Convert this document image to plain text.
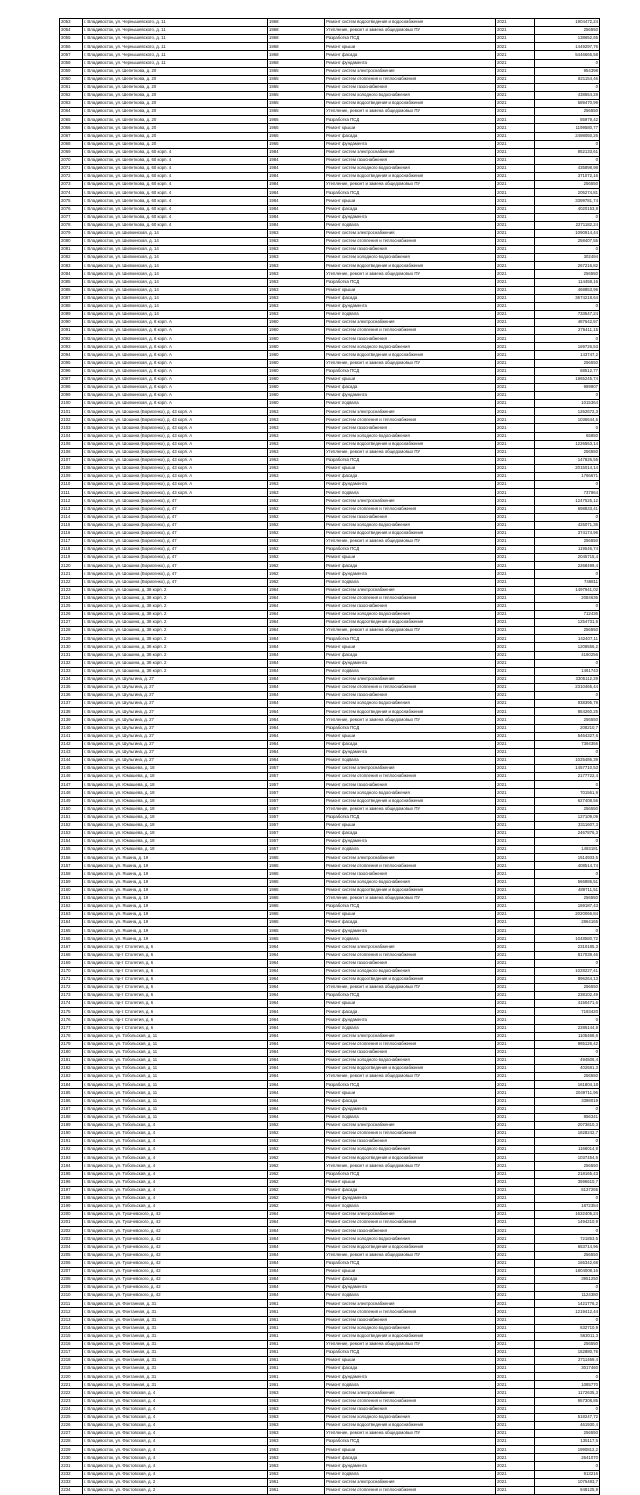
2053	г. Владивосток, ул. Чернышевского, д. 11	1968	Ремонт систем водоотведения и водоснабжения	2021	1904472,24
2054	г. Владивосток, ул. Чернышевского, д. 11	1968	Утепление, ремонт и замена общедомовых ПУ	2021	256550
2055	г. Владивосток, ул. Чернышевского, д. 11	1968	Разработка ПСД	2021	138652,65
2056	г. Владивосток, ул. Чернышевского, д. 11	1968	Ремонт крыши	2021	1449297,76
2057	г. Владивосток, ул. Чернышевского, д. 11	1968	Ремонт фасада	2021	5446665,58
2058	г. Владивосток, ул. Чернышевского, д. 11	1968	Ремонт фундамента	2021	0
2059	г. Владивосток, ул. Шепеткова, д. 20	1965	Ремонт систем электроснабжения	2021	954398
2060	г. Владивосток, ул. Шепеткова, д. 20	1965	Ремонт систем отопления и теплоснабжения	2021	821154,46
2061	г. Владивосток, ул. Шепеткова, д. 20	1965	Ремонт систем газоснабжения	2021	0
2062	г. Владивосток, ул. Шепеткова, д. 20	1965	Ремонт систем холодного водоснабжения	2021	438554,28
2063	г. Владивосток, ул. Шепеткова, д. 20	1965	Ремонт систем водоотведения и водоснабжения	2021	589470,99
2064	г. Владивосток, ул. Шепеткова, д. 20	1965	Утепление, ремонт и замена общедомовых ПУ	2021	256550
2065	г. Владивосток, ул. Шепеткова, д. 20	1965	Разработка ПСД	2021	85979,42
2066	г. Владивосток, ул. Шепеткова, д. 20	1965	Ремонт крыши	2021	1199580,77
2067	г. Владивосток, ул. Шепеткова, д. 20	1965	Ремонт фасада	2021	2498050,26
2068	г. Владивосток, ул. Шепеткова, д. 20	1965	Ремонт фундамента	2021	0
2069	г. Владивосток, ул. Шепеткова, д. 60 корп. 4	1984	Ремонт систем электроснабжения	2021	852133,61
2070	г. Владивосток, ул. Шепеткова, д. 60 корп. 4	1984	Ремонт систем газоснабжения	2021	0
2071	г. Владивосток, ул. Шепеткова, д. 60 корп. 4	1984	Ремонт систем холодного водоснабжения	2021	435898,98
2072	г. Владивосток, ул. Шепеткова, д. 60 корп. 4	1984	Ремонт систем водоотведения и водоснабжения	2021	371072,16
2073	г. Владивосток, ул. Шепеткова, д. 60 корп. 4	1984	Утепление, ремонт и замена общедомовых ПУ	2021	256550
2074	г. Владивосток, ул. Шепеткова, д. 60 корп. 4	1984	Разработка ПСД	2021	205274,81
2075	г. Владивосток, ул. Шепеткова, д. 60 корп. 4	1984	Ремонт крыши	2021	3399781,74
2076	г. Владивосток, ул. Шепеткова, д. 60 корп. 4	1984	Ремонт фасада	2021	4020153,8
2077	г. Владивосток, ул. Шепеткова, д. 60 корп. 4	1984	Ремонт фундамента	2021	0
2078	г. Владивосток, ул. Шепеткова, д. 60 корп. 4	1984	Ремонт подвала	2021	2271182,24
2079	г. Владивосток, ул. Шилкинская, д. 14	1963	Ремонт систем электроснабжения	2021	1090914,44
2080	г. Владивосток, ул. Шилкинская, д. 14	1963	Ремонт систем отопления и теплоснабжения	2021	258407,55
2081	г. Владивосток, ул. Шилкинская, д. 14	1963	Ремонт систем газоснабжения	2021	0
2082	г. Владивосток, ул. Шилкинская, д. 14	1963	Ремонт систем холодного водоснабжения	2021	302494
2083	г. Владивосток, ул. Шилкинская, д. 14	1963	Ремонт систем водоотведения и водоснабжения	2021	267216,82
2084	г. Владивосток, ул. Шилкинская, д. 14	1963	Утепление, ремонт и замена общедомовых ПУ	2021	256550
2085	г. Владивосток, ул. Шилкинская, д. 14	1963	Разработка ПСД	2021	114458,16
2086	г. Владивосток, ул. Шилкинская, д. 14	1963	Ремонт крыши	2021	468853,96
2087	г. Владивосток, ул. Шилкинская, д. 14	1963	Ремонт фасада	2021	3674218,64
2088	г. Владивосток, ул. Шилкинская, д. 14	1963	Ремонт фундамента	2021	0
2089	г. Владивосток, ул. Шилкинская, д. 14	1963	Ремонт подвала	2021	733547,24
2090	г. Владивосток, ул. Шилкинская, д. 8 корп. А	1960	Ремонт систем электроснабжения	2021	487642,57
2091	г. Владивосток, ул. Шилкинская, д. 8 корп. А	1960	Ремонт систем отопления и теплоснабжения	2021	276411,15
2092	г. Владивосток, ул. Шилкинская, д. 8 корп. А	1960	Ремонт систем газоснабжения	2021	0
2093	г. Владивосток, ул. Шилкинская, д. 8 корп. А	1960	Ремонт систем холодного водоснабжения	2021	169726,53
2094	г. Владивосток, ул. Шилкинская, д. 8 корп. А	1960	Ремонт систем водоотведения и водоснабжения	2021	143747,2
2095	г. Владивосток, ул. Шилкинская, д. 8 корп. А	1960	Утепление, ремонт и замена общедомовых ПУ	2021	256550
2096	г. Владивосток, ул. Шилкинская, д. 8 корп. А	1960	Разработка ПСД	2021	68512,77
2097	г. Владивосток, ул. Шилкинская, д. 8 корп. А	1960	Ремонт крыши	2021	1865245,74
2098	г. Владивосток, ул. Шилкинская, д. 8 корп. А	1960	Ремонт фасада	2021	989907
2099	г. Владивосток, ул. Шилкинская, д. 8 корп. А	1960	Ремонт фундамента	2021	0
2100	г. Владивосток, ул. Шилкинская, д. 8 корп. А	1960	Ремонт подвала	2021	1015364
2101	г. Владивосток, ул. Шошина (Борисенко), д. 43 корп. А	1963	Ремонт систем электроснабжения	2021	1262672,3
2102	г. Владивосток, ул. Шошина (Борисенко), д. 43 корп. А	1963	Ремонт систем отопления и теплоснабжения	2021	1036644,6
2103	г. Владивосток, ул. Шошина (Борисенко), д. 43 корп. А	1963	Ремонт систем газоснабжения	2021	0
2104	г. Владивосток, ул. Шошина (Борисенко), д. 43 корп. А	1963	Ремонт систем холодного водоснабжения	2021	65850
2105	г. Владивосток, ул. Шошина (Борисенко), д. 43 корп. А	1963	Ремонт систем водоотведения и водоснабжения	2021	1226563,14
2106	г. Владивосток, ул. Шошина (Борисенко), д. 43 корп. А	1963	Утепление, ремонт и замена общедомовых ПУ	2021	256550
2107	г. Владивосток, ул. Шошина (Борисенко), д. 43 корп. А	1963	Разработка ПСД	2021	147826,55
2108	г. Владивосток, ул. Шошина (Борисенко), д. 43 корп. А	1963	Ремонт крыши	2021	2015014,14
2109	г. Владивосток, ул. Шошина (Борисенко), д. 43 корп. А	1963	Ремонт фасада	2021	1766671
2110	г. Владивосток, ул. Шошина (Борисенко), д. 43 корп. А	1963	Ремонт фундамента	2021	0
2111	г. Владивосток, ул. Шошина (Борисенко), д. 43 корп. А	1963	Ремонт подвала	2021	737964
2112	г. Владивосток, ул. Шошина (Борисенко), д. 47	1962	Ремонт систем электроснабжения	2021	1247525,12
2113	г. Владивосток, ул. Шошина (Борисенко), д. 47	1962	Ремонт систем отопления и теплоснабжения	2021	698833,41
2114	г. Владивосток, ул. Шошина (Борисенко), д. 47	1962	Ремонт систем газоснабжения	2021	0
2115	г. Владивосток, ул. Шошина (Борисенко), д. 47	1962	Ремонт систем холодного водоснабжения	2021	425071,36
2116	г. Владивосток, ул. Шошина (Борисенко), д. 47	1962	Ремонт систем водоотведения и водоснабжения	2021	374174,96
2117	г. Владивосток, ул. Шошина (Борисенко), д. 47	1962	Утепление, ремонт и замена общедомовых ПУ	2021	256550
2118	г. Владивосток, ул. Шошина (Борисенко), д. 47	1962	Разработка ПСД	2021	119546,74
2119	г. Владивосток, ул. Шошина (Борисенко), д. 47	1962	Ремонт крыши	2021	2045715,4
2120	г. Владивосток, ул. Шошина (Борисенко), д. 47	1962	Ремонт фасада	2021	2268499,4
2121	г. Владивосток, ул. Шошина (Борисенко), д. 47	1962	Ремонт фундамента	2021	0
2122	г. Владивосток, ул. Шошина (Борисенко), д. 47	1962	Ремонт подвала	2021	746811
2123	г. Владивосток, ул. Шошина, д. 38 корп. 2	1964	Ремонт систем электроснабжения	2021	1497941,02
2124	г. Владивосток, ул. Шошина, д. 38 корп. 2	1964	Ремонт систем отопления и теплоснабжения	2021	2084636
2125	г. Владивосток, ул. Шошина, д. 38 корп. 2	1964	Ремонт систем газоснабжения	2021	0
2126	г. Владивосток, ул. Шошина, д. 38 корп. 2	1964	Ремонт систем холодного водоснабжения	2021	712436
2127	г. Владивосток, ул. Шошина, д. 38 корп. 2	1964	Ремонт систем водоотведения и водоснабжения	2021	1254731,5
2128	г. Владивосток, ул. Шошина, д. 38 корп. 2	1964	Утепление, ремонт и замена общедомовых ПУ	2021	256550
2129	г. Владивосток, ул. Шошина, д. 38 корп. 2	1964	Разработка ПСД	2021	142407,11
2130	г. Владивосток, ул. Шошина, д. 38 корп. 2	1964	Ремонт крыши	2021	1208556,2
2131	г. Владивосток, ул. Шошина, д. 38 корп. 2	1964	Ремонт фасада	2021	4160256
2132	г. Владивосток, ул. Шошина, д. 38 корп. 2	1964	Ремонт фундамента	2021	0
2133	г. Владивосток, ул. Шошина, д. 38 корп. 2	1964	Ремонт подвала	2021	1461743
2134	г. Владивосток, ул. Шульгина, д. 27	1964	Ремонт систем электроснабжения	2021	3305112,29
2135	г. Владивосток, ул. Шульгина, д. 27	1964	Ремонт систем отопления и теплоснабжения	2021	2310465,44
2136	г. Владивосток, ул. Шульгина, д. 27	1964	Ремонт систем газоснабжения	2021	0
2137	г. Владивосток, ул. Шульгина, д. 27	1964	Ремонт систем холодного водоснабжения	2021	938395,78
2138	г. Владивосток, ул. Шульгина, д. 27	1964	Ремонт систем водоотведения и водоснабжения	2021	854260,25
2139	г. Владивосток, ул. Шульгина, д. 27	1964	Утепление, ремонт и замена общедомовых ПУ	2021	256550
2140	г. Владивосток, ул. Шульгина, д. 27	1964	Разработка ПСД	2021	208210,7
2141	г. Владивосток, ул. Шульгина, д. 27	1964	Ремонт крыши	2021	5464327,6
2142	г. Владивосток, ул. Шульгина, д. 27	1964	Ремонт фасада	2021	7394356
2143	г. Владивосток, ул. Шульгина, д. 27	1964	Ремонт фундамента	2021	0
2144	г. Владивосток, ул. Шульгина, д. 27	1964	Ремонт подвала	2021	1025486,39
2145	г. Владивосток, ул. Юмашева, д. 18	1957	Ремонт систем электроснабжения	2021	1457710,53
2146	г. Владивосток, ул. Юмашева, д. 18	1957	Ремонт систем отопления и теплоснабжения	2021	2177722,4
2147	г. Владивосток, ул. Юмашева, д. 18	1957	Ремонт систем газоснабжения	2021	0
2148	г. Владивосток, ул. Юмашева, д. 18	1957	Ремонт систем холодного водоснабжения	2021	701561,9
2149	г. Владивосток, ул. Юмашева, д. 18	1957	Ремонт систем водоотведения и водоснабжения	2021	627408,56
2150	г. Владивосток, ул. Юмашева, д. 18	1957	Утепление, ремонт и замена общедомовых ПУ	2021	256550
2151	г. Владивосток, ул. Юмашева, д. 18	1957	Разработка ПСД	2021	127109,09
2152	г. Владивосток, ул. Юмашева, д. 18	1957	Ремонт крыши	2021	3311607,3
2153	г. Владивосток, ул. Юмашева, д. 18	1957	Ремонт фасада	2021	2467876,3
2154	г. Владивосток, ул. Юмашева, д. 18	1957	Ремонт фундамента	2021	0
2155	г. Владивосток, ул. Юмашева, д. 18	1957	Ремонт подвала	2021	1493181
2156	г. Владивосток, ул. Яшина, д. 19	1965	Ремонт систем электроснабжения	2021	1514933,5
2157	г. Владивосток, ул. Яшина, д. 19	1965	Ремонт систем отопления и теплоснабжения	2021	408514,74
2158	г. Владивосток, ул. Яшина, д. 19	1965	Ремонт систем газоснабжения	2021	0
2159	г. Владивосток, ул. Яшина, д. 19	1965	Ремонт систем холодного водоснабжения	2021	566886,51
2160	г. Владивосток, ул. Яшина, д. 19	1965	Ремонт систем водоотведения и водоснабжения	2021	489711,51
2161	г. Владивосток, ул. Яшина, д. 19	1965	Утепление, ремонт и замена общедомовых ПУ	2021	256550
2162	г. Владивосток, ул. Яшина, д. 19	1965	Разработка ПСД	2021	169187,43
2163	г. Владивосток, ул. Яшина, д. 19	1965	Ремонт крыши	2021	2020066,84
2164	г. Владивосток, ул. Яшина, д. 19	1965	Ремонт фасада	2021	2864165
2165	г. Владивосток, ул. Яшина, д. 19	1965	Ремонт фундамента	2021	0
2166	г. Владивосток, ул. Яшина, д. 19	1965	Ремонт подвала	2021	1048580,72
2167	г. Владивосток, пр-т Столетия, д. 6	1964	Ремонт систем электроснабжения	2021	2310185,3
2168	г. Владивосток, пр-т Столетия, д. 6	1964	Ремонт систем отопления и теплоснабжения	2021	817039,46
2169	г. Владивосток, пр-т Столетия, д. 6	1964	Ремонт систем газоснабжения	2021	0
2170	г. Владивосток, пр-т Столетия, д. 6	1964	Ремонт систем холодного водоснабжения	2021	1028227,41
2171	г. Владивосток, пр-т Столетия, д. 6	1964	Ремонт систем водоотведения и водоснабжения	2021	896264,13
2172	г. Владивосток, пр-т Столетия, д. 6	1964	Утепление, ремонт и замена общедомовых ПУ	2021	256550
2173	г. Владивосток, пр-т Столетия, д. 6	1964	Разработка ПСД	2021	238102,49
2174	г. Владивосток, пр-т Столетия, д. 6	1964	Ремонт крыши	2021	4150471,6
2175	г. Владивосток, пр-т Столетия, д. 6	1964	Ремонт фасада	2021	7193420
2176	г. Владивосток, пр-т Столетия, д. 6	1964	Ремонт фундамента	2021	0
2177	г. Владивосток, пр-т Столетия, д. 6	1964	Ремонт подвала	2021	2286144,8
2178	г. Владивосток, ул. Тобольская, д. 11	1964	Ремонт систем электроснабжения	2021	1105468,6
2179	г. Владивосток, ул. Тобольская, д. 11	1964	Ремонт систем отопления и теплоснабжения	2021	985126,42
2180	г. Владивосток, ул. Тобольская, д. 11	1964	Ремонт систем газоснабжения	2021	0
2181	г. Владивосток, ул. Тобольская, д. 11	1964	Ремонт систем холодного водоснабжения	2021	494506,4
2182	г. Владивосток, ул. Тобольская, д. 11	1964	Ремонт систем водоотведения и водоснабжения	2021	402681,3
2183	г. Владивосток, ул. Тобольская, д. 11	1964	Утепление, ремонт и замена общедомовых ПУ	2021	256550
2184	г. Владивосток, ул. Тобольская, д. 11	1964	Разработка ПСД	2021	161804,18
2185	г. Владивосток, ул. Тобольская, д. 11	1964	Ремонт крыши	2021	2049711,96
2186	г. Владивосток, ул. Тобольская, д. 11	1964	Ремонт фасада	2021	3388019
2187	г. Владивосток, ул. Тобольская, д. 11	1964	Ремонт фундамента	2021	0
2188	г. Владивосток, ул. Тобольская, д. 11	1964	Ремонт подвала	2021	856341
2189	г. Владивосток, ул. Тобольская, д. 4	1962	Ремонт систем электроснабжения	2021	2073810,3
2190	г. Владивосток, ул. Тобольская, д. 4	1962	Ремонт систем отопления и теплоснабжения	2021	1828242,7
2191	г. Владивосток, ул. Тобольская, д. 4	1962	Ремонт систем газоснабжения	2021	0
2192	г. Владивосток, ул. Тобольская, д. 4	1962	Ремонт систем холодного водоснабжения	2021	1166014,8
2193	г. Владивосток, ул. Тобольская, д. 4	1962	Ремонт систем водоотведения и водоснабжения	2021	1037454,6
2194	г. Владивосток, ул. Тобольская, д. 4	1962	Утепление, ремонт и замена общедомовых ПУ	2021	256550
2195	г. Владивосток, ул. Тобольская, д. 4	1962	Разработка ПСД	2021	218165,43
2196	г. Владивосток, ул. Тобольская, д. 4	1962	Ремонт крыши	2021	3596610,7
2197	г. Владивосток, ул. Тобольская, д. 4	1962	Ремонт фасада	2021	6137265
2198	г. Владивосток, ул. Тобольская, д. 4	1962	Ремонт фундамента	2021	0
2199	г. Владивосток, ул. Тобольская, д. 4	1962	Ремонт подвала	2021	1872354
2200	г. Владивосток, ул. Тухачевского, д. 42	1964	Ремонт систем электроснабжения	2021	1632405,24
2201	г. Владивосток, ул. Тухачевского, д. 42	1964	Ремонт систем отопления и теплоснабжения	2021	1494210,9
2202	г. Владивосток, ул. Тухачевского, д. 42	1964	Ремонт систем газоснабжения	2021	0
2203	г. Владивосток, ул. Тухачевского, д. 42	1964	Ремонт систем холодного водоснабжения	2021	721853,5
2204	г. Владивосток, ул. Тухачевского, д. 42	1964	Ремонт систем водоотведения и водоснабжения	2021	653714,96
2205	г. Владивосток, ул. Тухачевского, д. 42	1964	Утепление, ремонт и замена общедомовых ПУ	2021	256550
2206	г. Владивосток, ул. Тухачевского, д. 42	1964	Разработка ПСД	2021	165342,68
2207	г. Владивосток, ул. Тухачевского, д. 42	1964	Ремонт крыши	2021	1804008,16
2208	г. Владивосток, ул. Тухачевского, д. 42	1964	Ремонт фасада	2021	3951250
2209	г. Владивосток, ул. Тухачевского, д. 42	1964	Ремонт фундамента	2021	0
2210	г. Владивосток, ул. Тухачевского, д. 42	1964	Ремонт подвала	2021	1124380
2211	г. Владивосток, ул. Фонтанная, д. 31	1961	Ремонт систем электроснабжения	2021	1421776,2
2212	г. Владивосток, ул. Фонтанная, д. 31	1961	Ремонт систем отопления и теплоснабжения	2021	1219412,44
2213	г. Владивосток, ул. Фонтанная, д. 31	1961	Ремонт систем газоснабжения	2021	0
2214	г. Владивосток, ул. Фонтанная, д. 31	1961	Ремонт систем холодного водоснабжения	2021	632710,9
2215	г. Владивосток, ул. Фонтанная, д. 31	1961	Ремонт систем водоотведения и водоснабжения	2021	563011,3
2216	г. Владивосток, ул. Фонтанная, д. 31	1961	Утепление, ремонт и замена общедомовых ПУ	2021	256550
2217	г. Владивосток, ул. Фонтанная, д. 31	1961	Разработка ПСД	2021	152880,76
2218	г. Владивосток, ул. Фонтанная, д. 31	1961	Ремонт крыши	2021	2711469,4
2219	г. Владивосток, ул. Фонтанная, д. 31	1961	Ремонт фасада	2021	3017460
2220	г. Владивосток, ул. Фонтанная, д. 31	1961	Ремонт фундамента	2021	0
2221	г. Владивосток, ул. Фонтанная, д. 31	1961	Ремонт подвала	2021	1085770
2222	г. Владивосток, ул. Фастовская, д. 4	1963	Ремонт систем электроснабжения	2021	1172635,3
2223	г. Владивосток, ул. Фастовская, д. 4	1963	Ремонт систем отопления и теплоснабжения	2021	957308,85
2224	г. Владивосток, ул. Фастовская, д. 4	1963	Ремонт систем газоснабжения	2021	0
2225	г. Владивосток, ул. Фастовская, д. 4	1963	Ремонт систем холодного водоснабжения	2021	518247,72
2226	г. Владивосток, ул. Фастовская, д. 4	1963	Ремонт систем водоотведения и водоснабжения	2021	461930,4
2227	г. Владивосток, ул. Фастовская, д. 4	1963	Утепление, ремонт и замена общедомовых ПУ	2021	256550
2228	г. Владивосток, ул. Фастовская, д. 4	1963	Разработка ПСД	2021	135117,5
2229	г. Владивосток, ул. Фастовская, д. 4	1963	Ремонт крыши	2021	1990812,2
2230	г. Владивосток, ул. Фастовская, д. 4	1963	Ремонт фасада	2021	2641070
2231	г. Владивосток, ул. Фастовская, д. 4	1963	Ремонт фундамента	2021	0
2232	г. Владивосток, ул. Фастовская, д. 4	1963	Ремонт подвала	2021	913216
2233	г. Владивосток, ул. Фастовская, д. 2	1961	Ремонт систем электроснабжения	2021	1076483,7
2234	г. Владивосток, ул. Фастовская, д. 2	1961	Ремонт систем отопления и теплоснабжения	2021	948125,9
